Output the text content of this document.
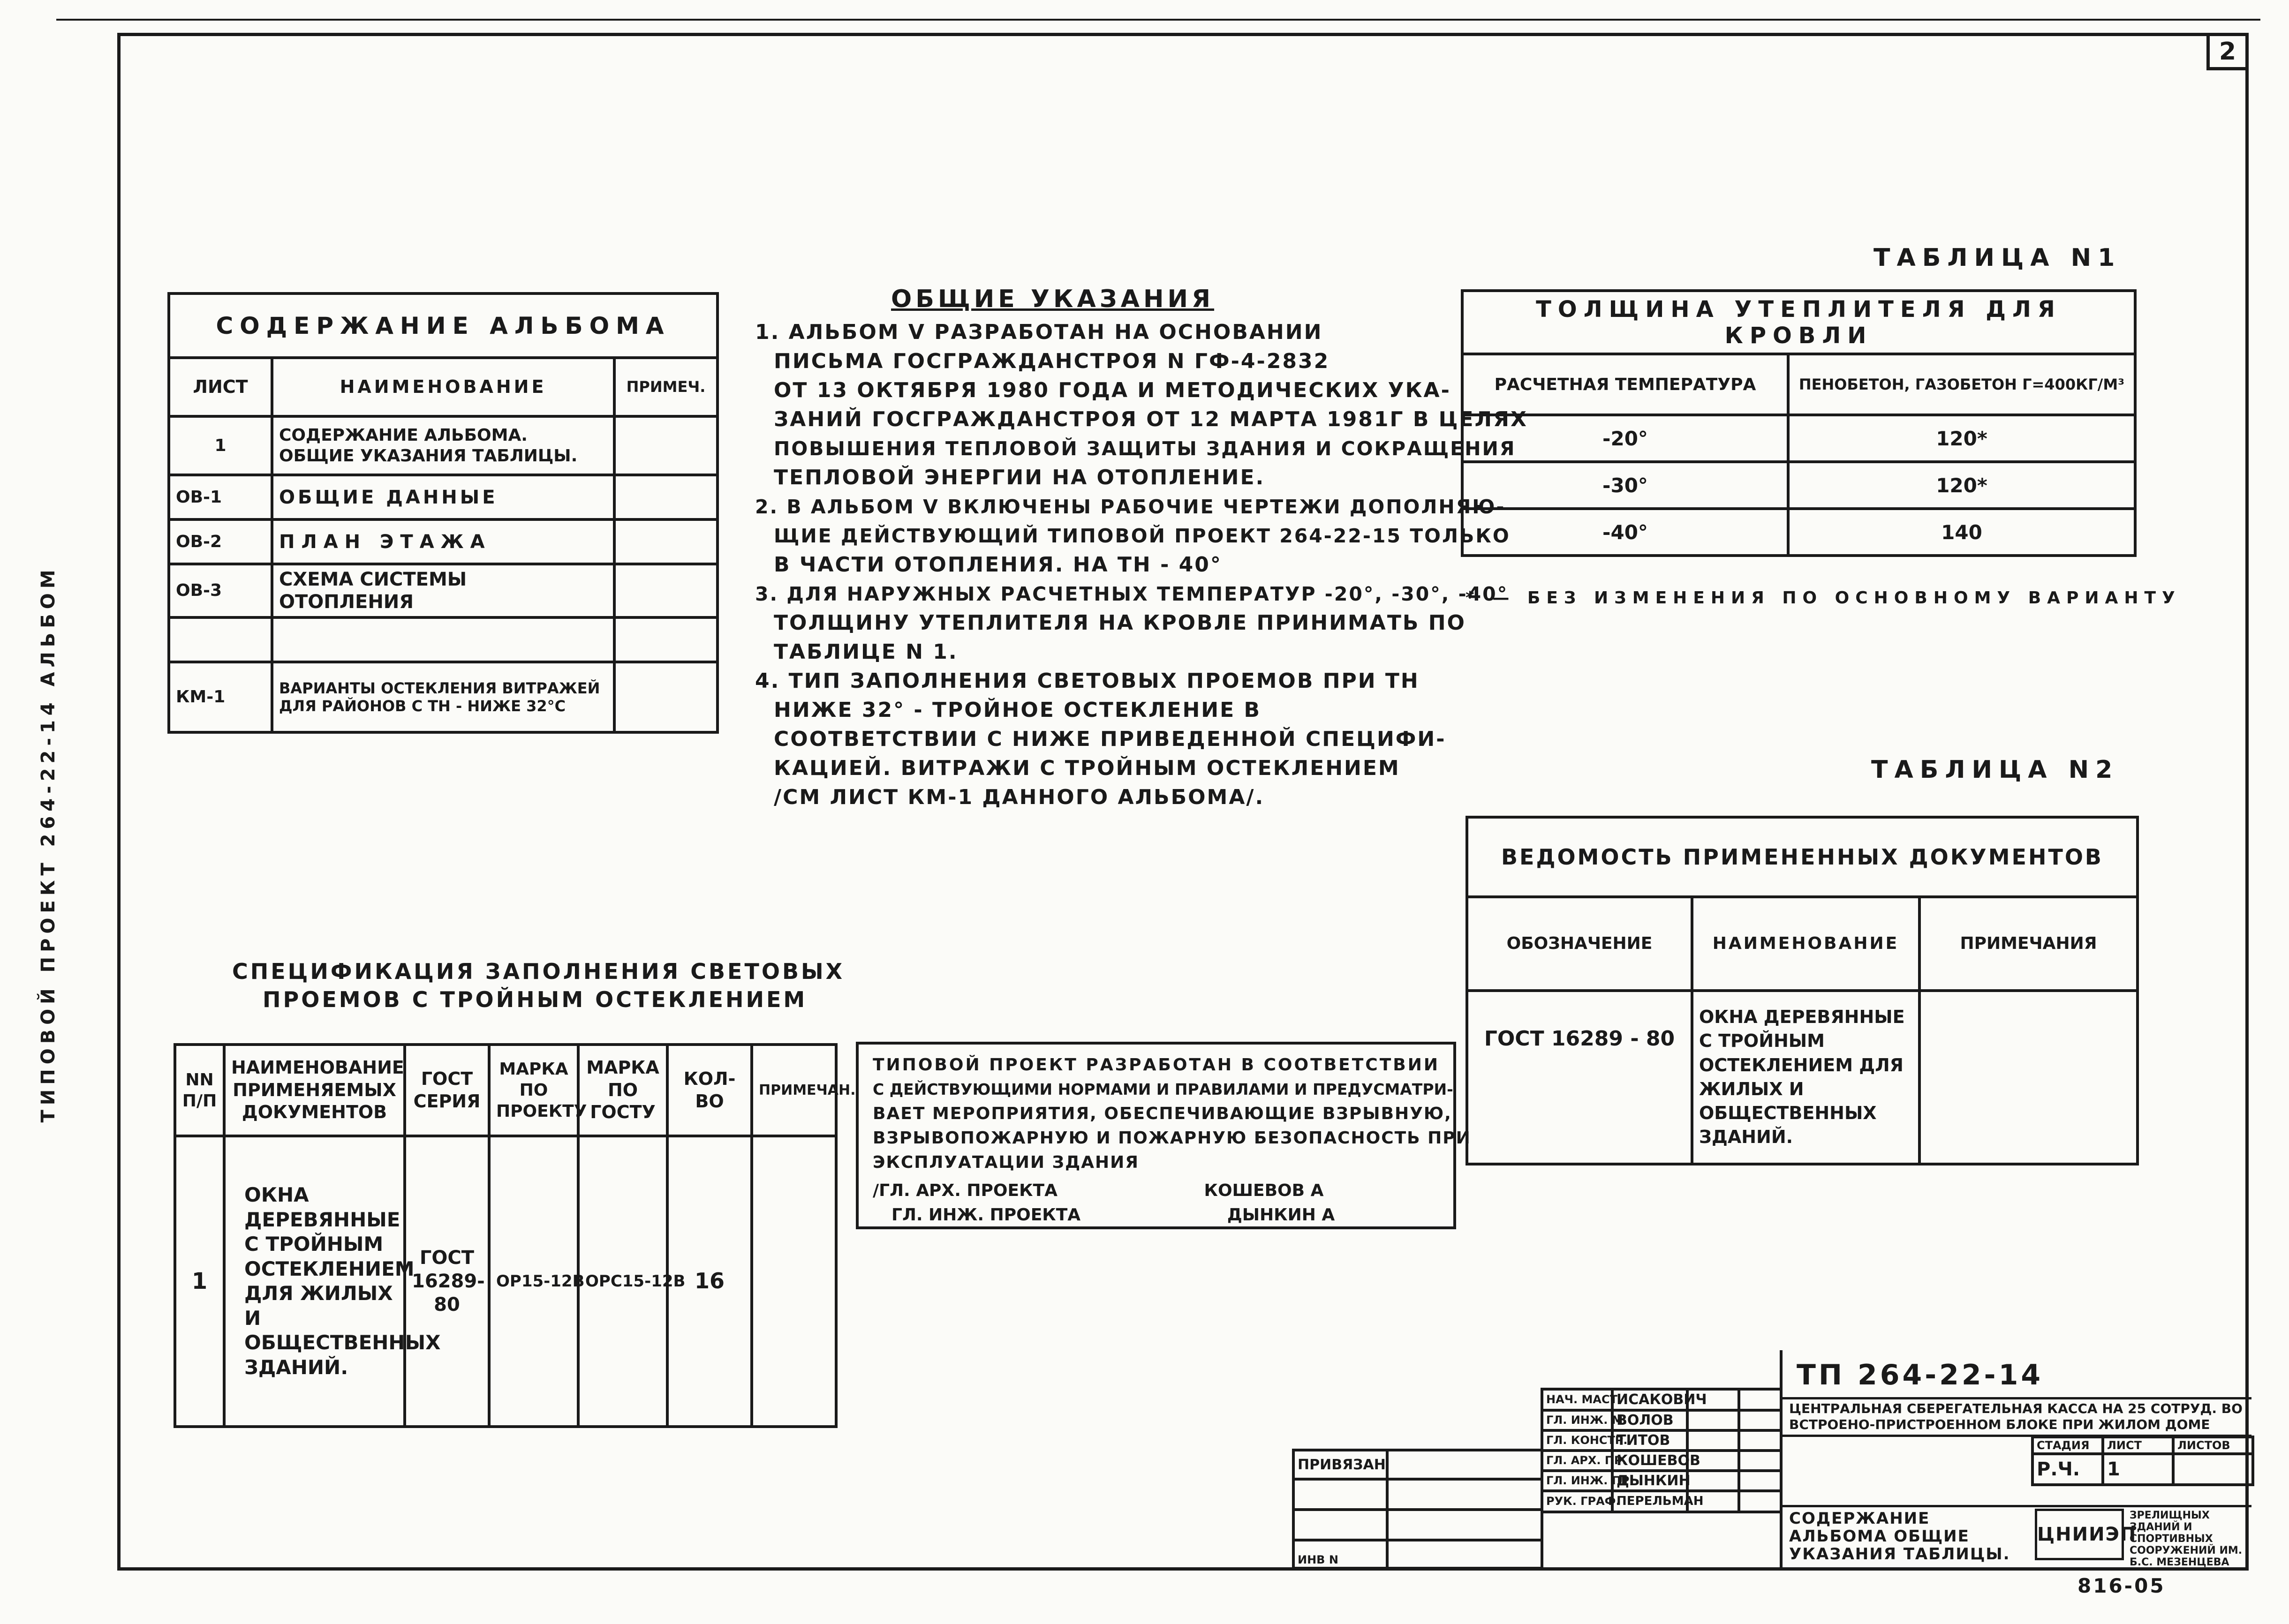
2
ТИПОВОЙ ПРОЕКТ 264-22-14 АЛЬБОМ
СОДЕРЖАНИЕ АЛЬБОМА		
ЛИСТ	НАИМЕНОВАНИЕ	ПРИМЕЧ.
1	СОДЕРЖАНИЕ АЛЬБОМА. ОБЩИЕ УКАЗАНИЯ ТАБЛИЦЫ.	
ОВ-1	ОБЩИЕ ДАННЫЕ	
ОВ-2	ПЛАН ЭТАЖА	
ОВ-3	СХЕМА СИСТЕМЫ ОТОПЛЕНИЯ	

КМ-1	ВАРИАНТЫ ОСТЕКЛЕНИЯ ВИТРАЖЕЙ ДЛЯ РАЙОНОВ С TН - НИЖЕ 32°С	
ОБЩИЕ УКАЗАНИЯ
1. АЛЬБОМ V РАЗРАБОТАН НА ОСНОВАНИИ
ПИСЬМА ГОСГРАЖДАНСТРОЯ N ГФ-4-2832
ОТ 13 ОКТЯБРЯ 1980 ГОДА И МЕТОДИЧЕСКИХ УКА-
ЗАНИЙ ГОСГРАЖДАНСТРОЯ ОТ 12 МАРТА 1981Г В ЦЕЛЯХ
ПОВЫШЕНИЯ ТЕПЛОВОЙ ЗАЩИТЫ ЗДАНИЯ И СОКРАЩЕНИЯ
ТЕПЛОВОЙ ЭНЕРГИИ НА ОТОПЛЕНИЕ.
2. В АЛЬБОМ V ВКЛЮЧЕНЫ РАБОЧИЕ ЧЕРТЕЖИ ДОПОЛНЯЮ-
ЩИЕ ДЕЙСТВУЮЩИЙ ТИПОВОЙ ПРОЕКТ 264-22-15 ТОЛЬКО
В ЧАСТИ ОТОПЛЕНИЯ. НА TН - 40°
3. ДЛЯ НАРУЖНЫХ РАСЧЕТНЫХ ТЕМПЕРАТУР -20°, -30°, -40°
ТОЛЩИНУ УТЕПЛИТЕЛЯ НА КРОВЛЕ ПРИНИМАТЬ ПО
ТАБЛИЦЕ N 1.
4. ТИП ЗАПОЛНЕНИЯ СВЕТОВЫХ ПРОЕМОВ ПРИ TН
НИЖЕ 32° - ТРОЙНОЕ ОСТЕКЛЕНИЕ В
СООТВЕТСТВИИ С НИЖЕ ПРИВЕДЕННОЙ СПЕЦИФИ-
КАЦИЕЙ. ВИТРАЖИ С ТРОЙНЫМ ОСТЕКЛЕНИЕМ
/СМ ЛИСТ КМ-1 ДАННОГО АЛЬБОМА/.
ТАБЛИЦА N1
ТОЛЩИНА УТЕПЛИТЕЛЯ ДЛЯ КРОВЛИ	
РАСЧЕТНАЯ ТЕМПЕРАТУРА	ПЕНОБЕТОН, ГАЗОБЕТОН Γ=400КГ/М³
-20°	120*
-30°	120*
-40°	140
* — БЕЗ ИЗМЕНЕНИЯ ПО ОСНОВНОМУ ВАРИАНТУ
ТАБЛИЦА N2
ВЕДОМОСТЬ ПРИМЕНЕННЫХ ДОКУМЕНТОВ		
ОБОЗНАЧЕНИЕ	НАИМЕНОВАНИЕ	ПРИМЕЧАНИЯ
ГОСТ 16289 - 80	ОКНА ДЕРЕВЯННЫЕ С ТРОЙНЫМ ОСТЕКЛЕНИЕМ ДЛЯ ЖИЛЫХ И ОБЩЕСТВЕННЫХ ЗДАНИЙ.	
СПЕЦИФИКАЦИЯ ЗАПОЛНЕНИЯ СВЕТОВЫХ
ПРОЕМОВ С ТРОЙНЫМ ОСТЕКЛЕНИЕМ
NN П/П	НАИМЕНОВАНИЕ ПРИМЕНЯЕМЫХ ДОКУМЕНТОВ	ГОСТ СЕРИЯ	МАРКА ПО ПРОЕКТУ	МАРКА ПО ГОСТУ	КОЛ-ВО	ПРИМЕЧАН.
1	ОКНА ДЕРЕВЯННЫЕ С ТРОЙНЫМ ОСТЕКЛЕНИЕМ ДЛЯ ЖИЛЫХ И ОБЩЕСТВЕННЫХ ЗДАНИЙ.	ГОСТ 16289-80	ОР15-12В	ОРС15-12В	16	
ТИПОВОЙ ПРОЕКТ РАЗРАБОТАН В СООТВЕТСТВИИ
С ДЕЙСТВУЮЩИМИ НОРМАМИ И ПРАВИЛАМИ И ПРЕДУСМАТРИ-
ВАЕТ МЕРОПРИЯТИЯ, ОБЕСПЕЧИВАЮЩИЕ ВЗРЫВНУЮ,
ВЗРЫВОПОЖАРНУЮ И ПОЖАРНУЮ БЕЗОПАСНОСТЬ ПРИ
ЭКСПЛУАТАЦИИ ЗДАНИЯ
/ГЛ. АРХ. ПРОЕКТА	КОШЕВОВ А
ГЛ. ИНЖ. ПРОЕКТА	ДЫНКИН А
ПРИВЯЗАН	

ИНВ N	
НАЧ. МАСТ.	ИСАКОВИЧ		
ГЛ. ИНЖ. М.	ВОЛОВ		
ГЛ. КОНСТР.	ТИТОВ		
ГЛ. АРХ. ПР.	КОШЕВОВ		
ГЛ. ИНЖ. ПР.	ДЫНКИН		
РУК. ГРАФ.	ПЕРЕЛЬМАН		
ТП 264-22-14
ЦЕНТРАЛЬНАЯ СБЕРЕГАТЕЛЬНАЯ КАССА НА 25 СОТРУД. ВО ВСТРОЕНО-ПРИСТРОЕННОМ БЛОКЕ ПРИ ЖИЛОМ ДОМЕ
СТАДИЯ	ЛИСТ	ЛИСТОВ
Р.Ч.	1	
СОДЕРЖАНИЕ АЛЬБОМА ОБЩИЕ УКАЗАНИЯ ТАБЛИЦЫ.
ЦНИИЭП
ЗРЕЛИЩНЫХ ЗДАНИЙ И СПОРТИВНЫХ СООРУЖЕНИЙ ИМ. Б.С. МЕЗЕНЦЕВА
816-05
